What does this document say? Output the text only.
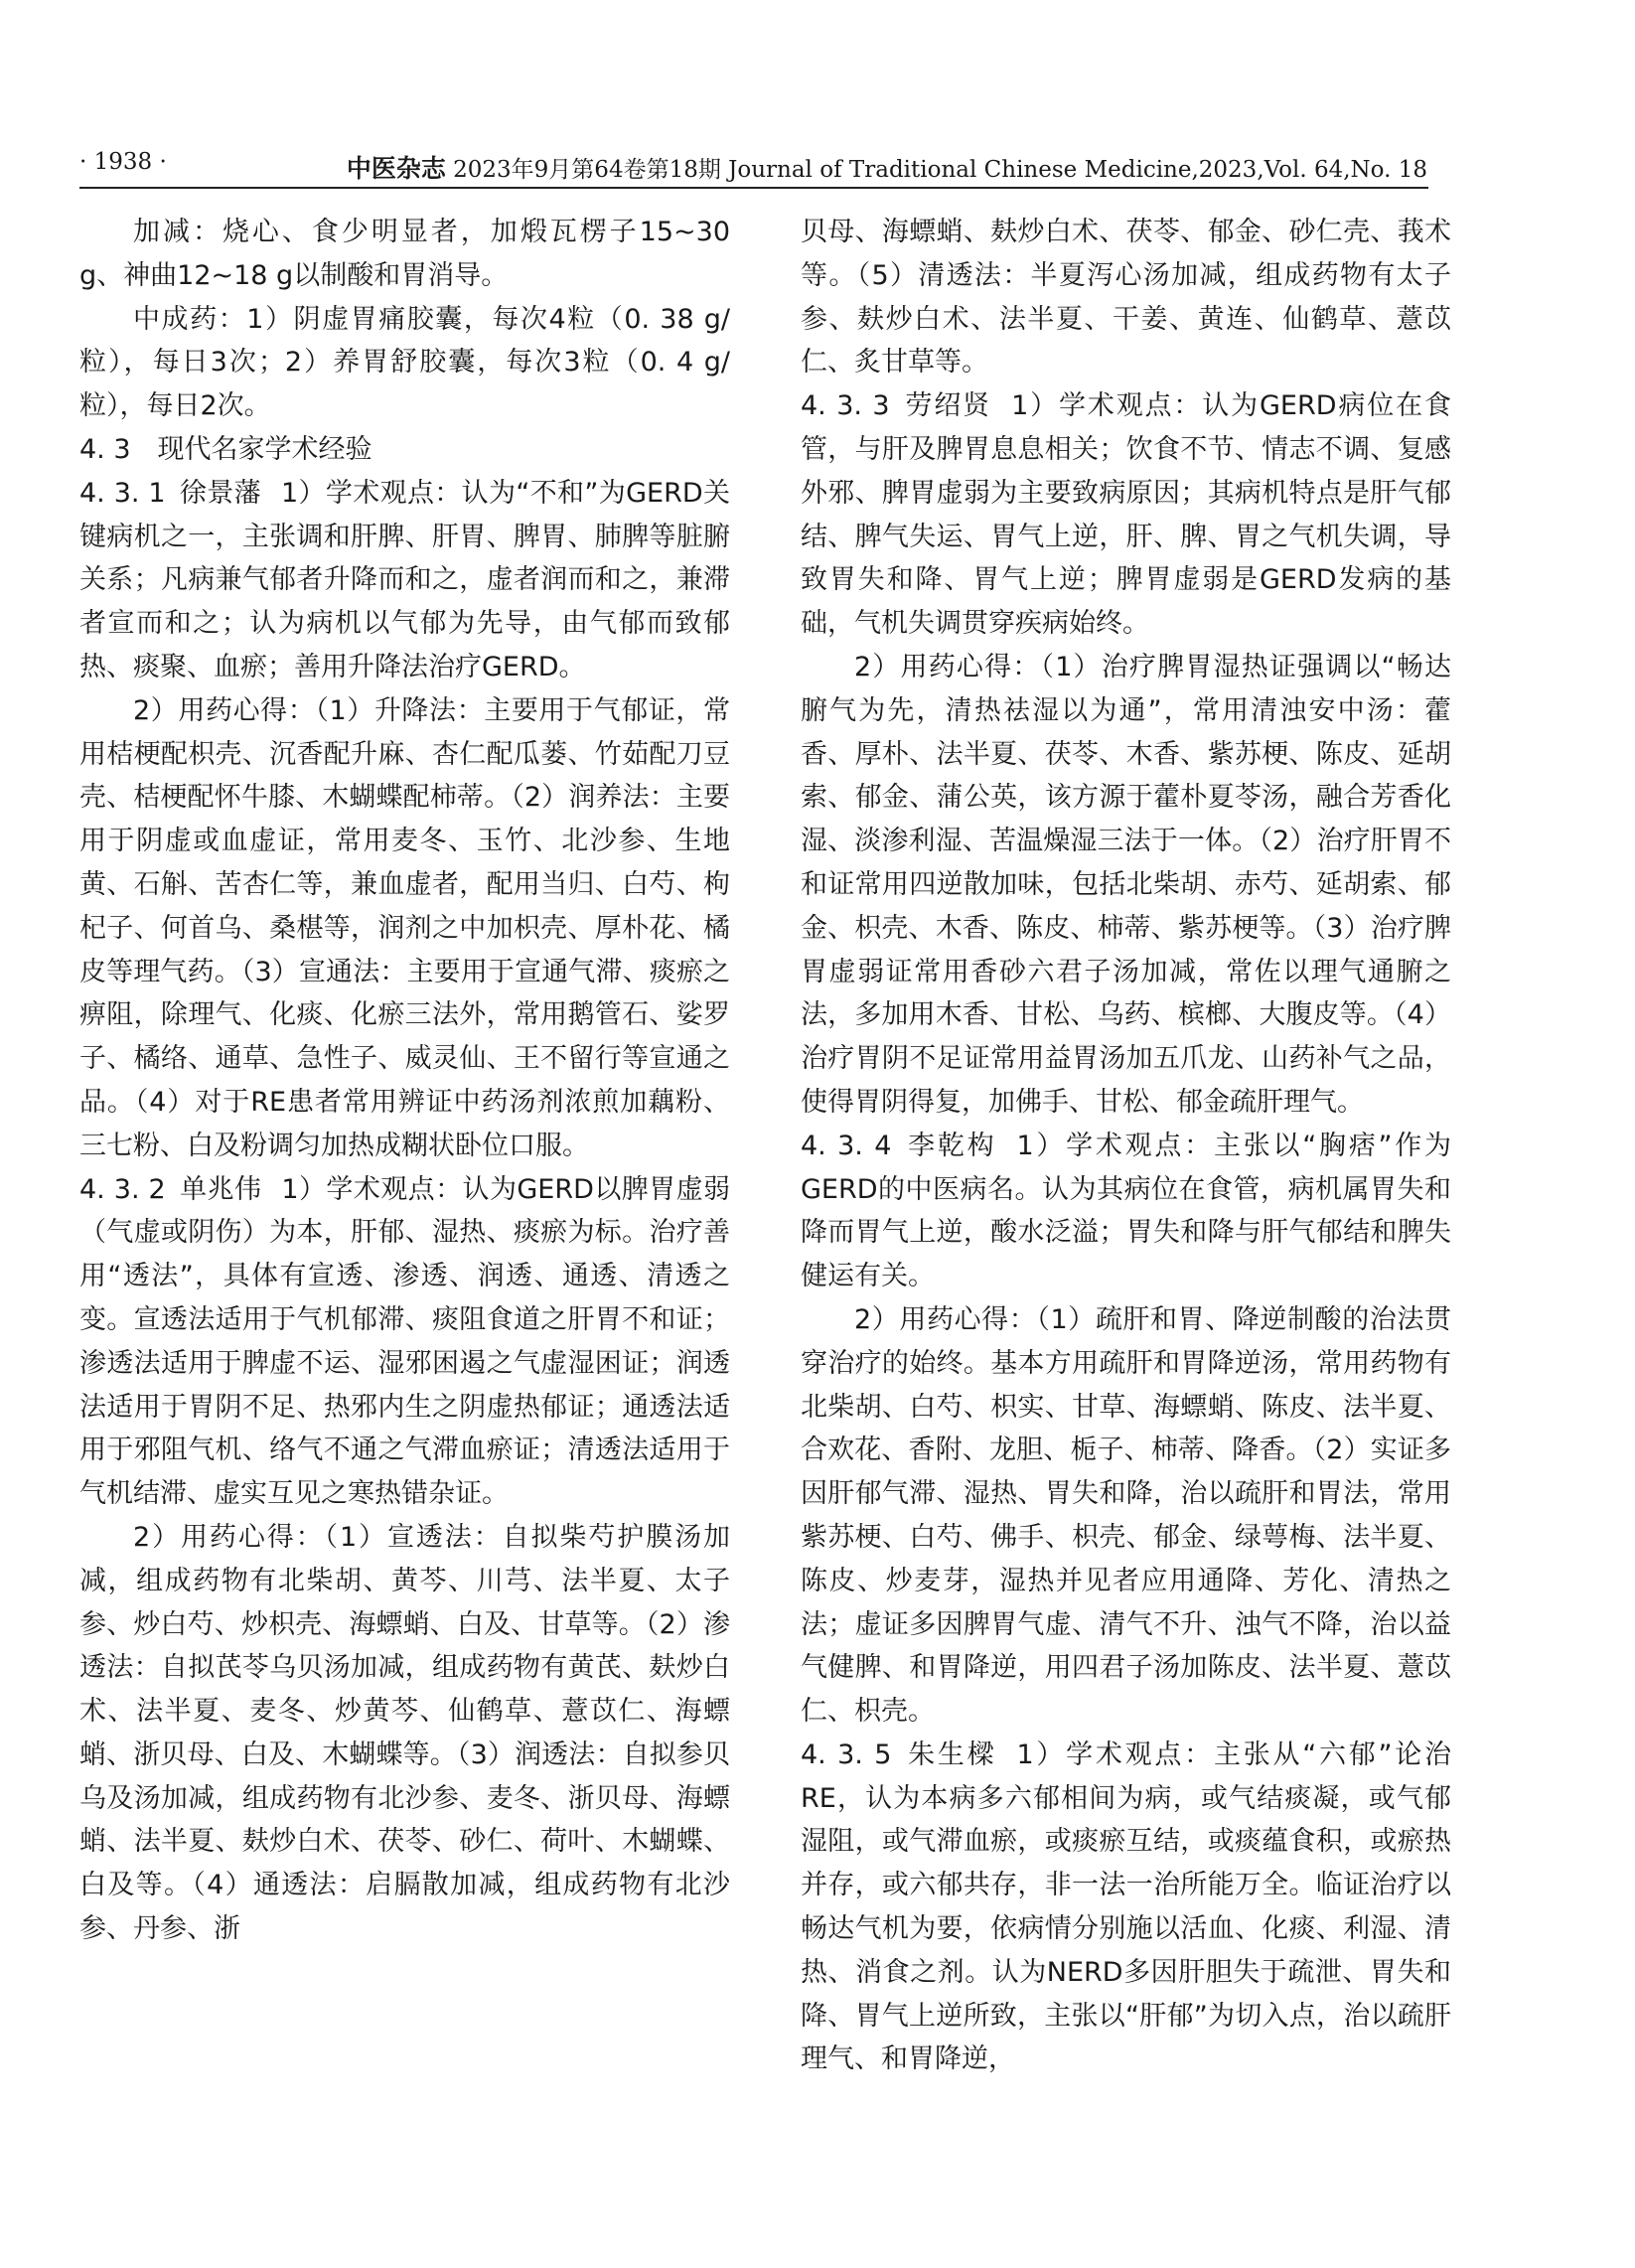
· 1938 ·	中医杂志 2023年9月第64卷第18期 Journal of Traditional Chinese Medicine,2023,Vol. 64,No. 18

加减：烧心、食少明显者，加煅瓦楞子15~30 g、神曲12~18 g以制酸和胃消导。

中成药：1）阴虚胃痛胶囊，每次4粒（0. 38 g/粒），每日3次；2）养胃舒胶囊，每次3粒（0. 4 g/粒），每日2次。

4. 3　现代名家学术经验

4. 3. 1 徐景藩 1）学术观点：认为“不和”为GERD关键病机之一，主张调和肝脾、肝胃、脾胃、肺脾等脏腑关系；凡病兼气郁者升降而和之，虚者润而和之，兼滞者宣而和之；认为病机以气郁为先导，由气郁而致郁热、痰聚、血瘀；善用升降法治疗GERD。

2）用药心得：（1）升降法：主要用于气郁证，常用桔梗配枳壳、沉香配升麻、杏仁配瓜蒌、竹茹配刀豆壳、桔梗配怀牛膝、木蝴蝶配柿蒂。（2）润养法：主要用于阴虚或血虚证，常用麦冬、玉竹、北沙参、生地黄、石斛、苦杏仁等，兼血虚者，配用当归、白芍、枸杞子、何首乌、桑椹等，润剂之中加枳壳、厚朴花、橘皮等理气药。（3）宣通法：主要用于宣通气滞、痰瘀之痹阻，除理气、化痰、化瘀三法外，常用鹅管石、娑罗子、橘络、通草、急性子、威灵仙、王不留行等宣通之品。（4）对于RE患者常用辨证中药汤剂浓煎加藕粉、三七粉、白及粉调匀加热成糊状卧位口服。

4. 3. 2 单兆伟 1）学术观点：认为GERD以脾胃虚弱（气虚或阴伤）为本，肝郁、湿热、痰瘀为标。治疗善用“透法”，具体有宣透、渗透、润透、通透、清透之变。宣透法适用于气机郁滞、痰阻食道之肝胃不和证；渗透法适用于脾虚不运、湿邪困遏之气虚湿困证；润透法适用于胃阴不足、热邪内生之阴虚热郁证；通透法适用于邪阻气机、络气不通之气滞血瘀证；清透法适用于气机结滞、虚实互见之寒热错杂证。

2）用药心得：（1）宣透法：自拟柴芍护膜汤加减，组成药物有北柴胡、黄芩、川芎、法半夏、太子参、炒白芍、炒枳壳、海螵蛸、白及、甘草等。（2）渗透法：自拟芪苓乌贝汤加减，组成药物有黄芪、麸炒白术、法半夏、麦冬、炒黄芩、仙鹤草、薏苡仁、海螵蛸、浙贝母、白及、木蝴蝶等。（3）润透法：自拟参贝乌及汤加减，组成药物有北沙参、麦冬、浙贝母、海螵蛸、法半夏、麸炒白术、茯苓、砂仁、荷叶、木蝴蝶、白及等。（4）通透法：启膈散加减，组成药物有北沙参、丹参、浙

贝母、海螵蛸、麸炒白术、茯苓、郁金、砂仁壳、莪术等。（5）清透法：半夏泻心汤加减，组成药物有太子参、麸炒白术、法半夏、干姜、黄连、仙鹤草、薏苡仁、炙甘草等。

4. 3. 3 劳绍贤 1）学术观点：认为GERD病位在食管，与肝及脾胃息息相关；饮食不节、情志不调、复感外邪、脾胃虚弱为主要致病原因；其病机特点是肝气郁结、脾气失运、胃气上逆，肝、脾、胃之气机失调，导致胃失和降、胃气上逆；脾胃虚弱是GERD发病的基础，气机失调贯穿疾病始终。

2）用药心得：（1）治疗脾胃湿热证强调以“畅达腑气为先，清热祛湿以为通”，常用清浊安中汤：藿香、厚朴、法半夏、茯苓、木香、紫苏梗、陈皮、延胡索、郁金、蒲公英，该方源于藿朴夏苓汤，融合芳香化湿、淡渗利湿、苦温燥湿三法于一体。（2）治疗肝胃不和证常用四逆散加味，包括北柴胡、赤芍、延胡索、郁金、枳壳、木香、陈皮、柿蒂、紫苏梗等。（3）治疗脾胃虚弱证常用香砂六君子汤加减，常佐以理气通腑之法，多加用木香、甘松、乌药、槟榔、大腹皮等。（4）治疗胃阴不足证常用益胃汤加五爪龙、山药补气之品，使得胃阴得复，加佛手、甘松、郁金疏肝理气。

4. 3. 4 李乾构 1）学术观点：主张以“胸痞”作为GERD的中医病名。认为其病位在食管，病机属胃失和降而胃气上逆，酸水泛溢；胃失和降与肝气郁结和脾失健运有关。

2）用药心得：（1）疏肝和胃、降逆制酸的治法贯穿治疗的始终。基本方用疏肝和胃降逆汤，常用药物有北柴胡、白芍、枳实、甘草、海螵蛸、陈皮、法半夏、合欢花、香附、龙胆、栀子、柿蒂、降香。（2）实证多因肝郁气滞、湿热、胃失和降，治以疏肝和胃法，常用紫苏梗、白芍、佛手、枳壳、郁金、绿萼梅、法半夏、陈皮、炒麦芽，湿热并见者应用通降、芳化、清热之法；虚证多因脾胃气虚、清气不升、浊气不降，治以益气健脾、和胃降逆，用四君子汤加陈皮、法半夏、薏苡仁、枳壳。

4. 3. 5 朱生樑 1）学术观点：主张从“六郁”论治RE，认为本病多六郁相间为病，或气结痰凝，或气郁湿阻，或气滞血瘀，或痰瘀互结，或痰蕴食积，或瘀热并存，或六郁共存，非一法一治所能万全。临证治疗以畅达气机为要，依病情分别施以活血、化痰、利湿、清热、消食之剂。认为NERD多因肝胆失于疏泄、胃失和降、胃气上逆所致，主张以“肝郁”为切入点，治以疏肝理气、和胃降逆，
